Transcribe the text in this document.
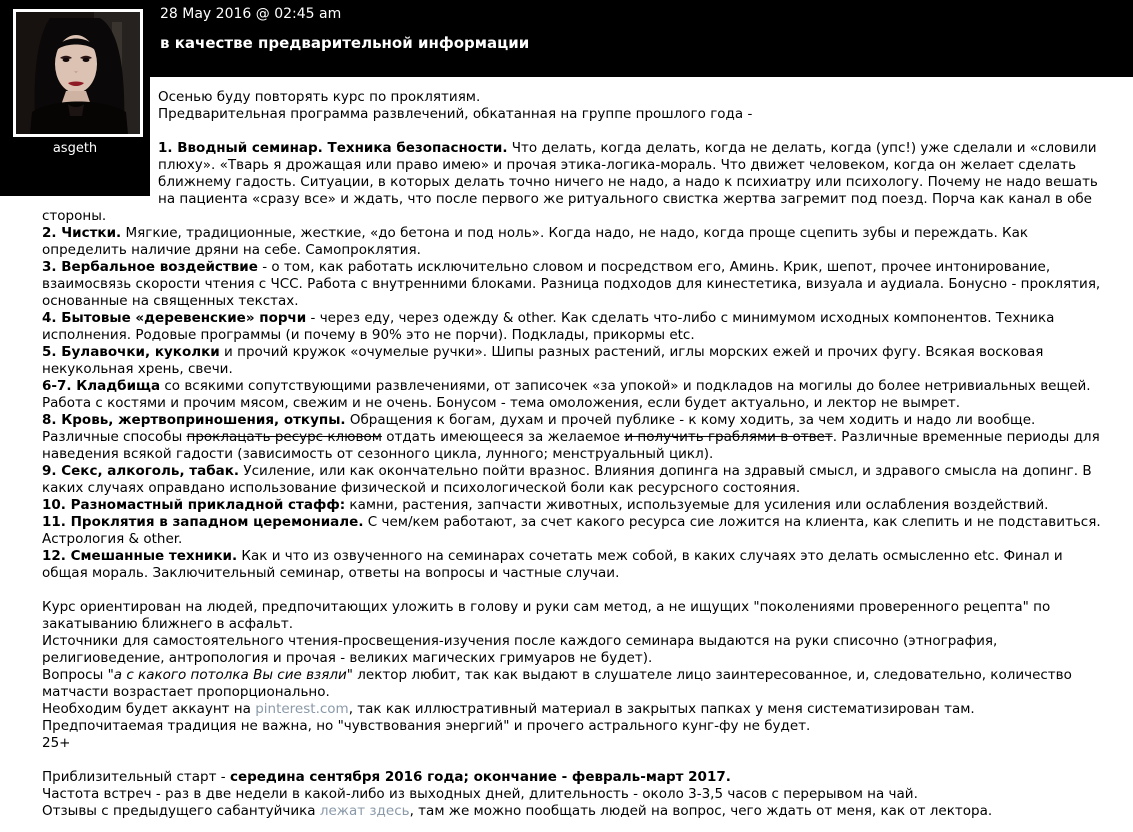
28 May 2016 @ 02:45 am
в качестве предварительной информации
asgeth
Осенью буду повторять курс по проклятиям.
Предварительная программа развлечений, обкатанная на группе прошлого года -

1. Вводный семинар. Техника безопасности. Что делать, когда делать, когда не делать, когда (упс!) уже сделали и «словили плюху». «Тварь я дрожащая или право имею» и прочая этика-логика-мораль. Что движет человеком, когда он желает сделать ближнему гадость. Ситуации, в которых делать точно ничего не надо, а надо к психиатру или психологу. Почему не надо вешать на пациента «сразу все» и ждать, что после первого же ритуального свистка жертва загремит под поезд. Порча как канал в обе стороны.
2. Чистки. Мягкие, традиционные, жесткие, «до бетона и под ноль». Когда надо, не надо, когда проще сцепить зубы и переждать. Как определить наличие дряни на себе. Самопроклятия.
3. Вербальное воздействие - о том, как работать исключительно словом и посредством его, Аминь. Крик, шепот, прочее интонирование, взаимосвязь скорости чтения с ЧСС. Работа с внутренними блоками. Разница подходов для кинестетика, визуала и аудиала. Бонусно - проклятия, основанные на священных текстах.
4. Бытовые «деревенские» порчи - через еду, через одежду & other. Как сделать что-либо с минимумом исходных компонентов. Техника исполнения. Родовые программы (и почему в 90% это не порчи). Подклады, прикормы etc.
5. Булавочки, куколки и прочий кружок «очумелые ручки». Шипы разных растений, иглы морских ежей и прочих фугу. Всякая восковая некукольная хрень, свечи.
6-7. Кладбища со всякими сопутствующими развлечениями, от записочек «за упокой» и подкладов на могилы до более нетривиальных вещей. Работа с костями и прочим мясом, свежим и не очень. Бонусом - тема омоложения, если будет актуально, и лектор не вымрет.
8. Кровь, жертвоприношения, откупы. Обращения к богам, духам и прочей публике - к кому ходить, за чем ходить и надо ли вообще. Различные способы проклацать ресурс клювом отдать имеющееся за желаемое и получить граблями в ответ. Различные временные периоды для наведения всякой гадости (зависимость от сезонного цикла, лунного; менструальный цикл).
9. Секс, алкоголь, табак. Усиление, или как окончательно пойти вразнос. Влияния допинга на здравый смысл, и здравого смысла на допинг. В каких случаях оправдано использование физической и психологической боли как ресурсного состояния.
10. Разномастный прикладной стафф: камни, растения, запчасти животных, используемые для усиления или ослабления воздействий.
11. Проклятия в западном церемониале. С чем/кем работают, за счет какого ресурса сие ложится на клиента, как слепить и не подставиться. Астрология & other.
12. Смешанные техники. Как и что из озвученного на семинарах сочетать меж собой, в каких случаях это делать осмысленно etc. Финал и общая мораль. Заключительный семинар, ответы на вопросы и частные случаи.

Курс ориентирован на людей, предпочитающих уложить в голову и руки сам метод, а не ищущих "поколениями проверенного рецепта" по закатыванию ближнего в асфальт.
Источники для самостоятельного чтения-просвещения-изучения после каждого семинара выдаются на руки списочно (этнография, религиоведение, антропология и прочая - великих магических гримуаров не будет).
Вопросы "а с какого потолка Вы сие взяли" лектор любит, так как выдают в слушателе лицо заинтересованное, и, следовательно, количество матчасти возрастает пропорционально.
Необходим будет аккаунт на pinterest.com, так как иллюстративный материал в закрытых папках у меня систематизирован там.
Предпочитаемая традиция не важна, но "чувствования энергий" и прочего астрального кунг-фу не будет.
25+

Приблизительный старт - середина сентября 2016 года; окончание - февраль-март 2017.
Частота встреч - раз в две недели в какой-либо из выходных дней, длительность - около 3-3,5 часов с перерывом на чай.
Отзывы с предыдущего сабантуйчика лежат здесь, там же можно пообщать людей на вопрос, чего ждать от меня, как от лектора.
